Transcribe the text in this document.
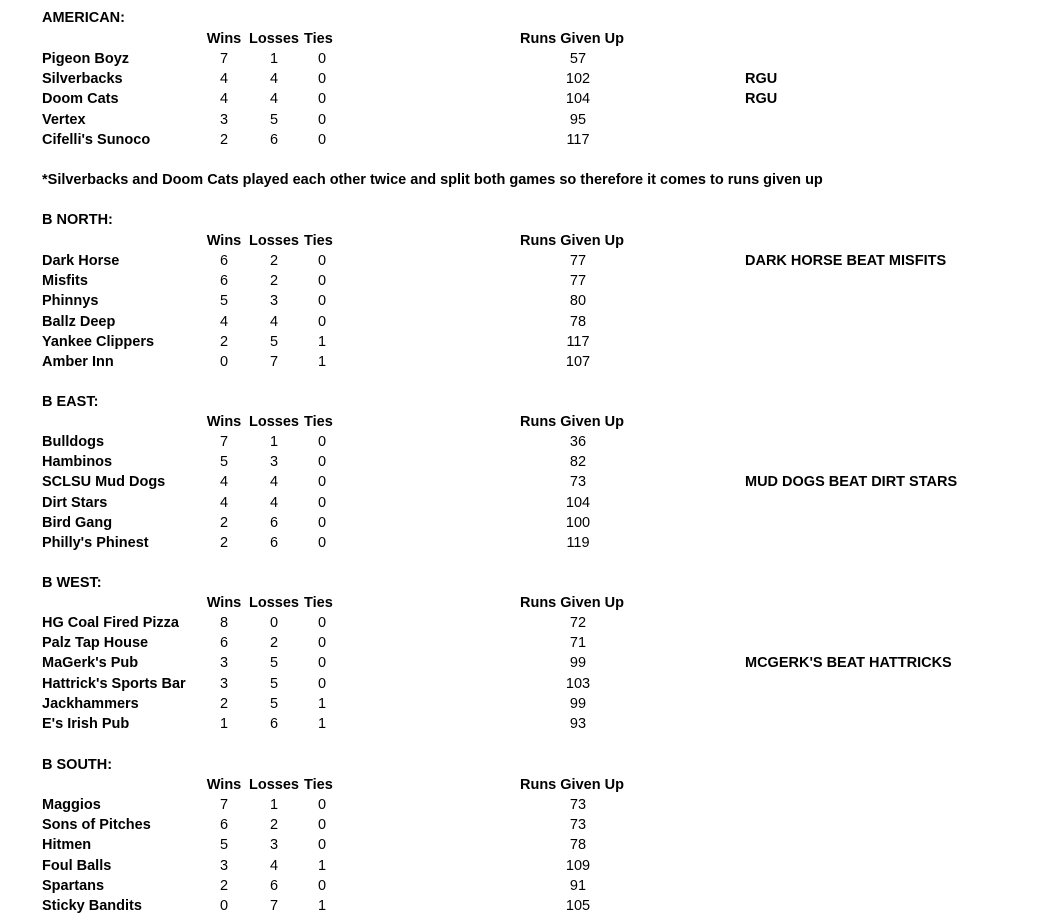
AMERICAN:
Wins Losses Ties	Runs Given Up
Pigeon Boyz	7	1	0	57
Silverbacks	4	4	0	102	RGU
Doom Cats	4	4	0	104	RGU
Vertex	3	5	0	95
Cifelli's Sunoco	2	6	0	117
*Silverbacks and Doom Cats played each other twice and split both games so therefore it comes to runs given up
B NORTH:
Wins Losses Ties	Runs Given Up
Dark Horse	6	2	0	77	DARK HORSE BEAT MISFITS
Misfits	6	2	0	77
Phinnys	5	3	0	80
Ballz Deep	4	4	0	78
Yankee Clippers	2	5	1	117
Amber Inn	0	7	1	107
B EAST:
Wins Losses Ties	Runs Given Up
Bulldogs	7	1	0	36
Hambinos	5	3	0	82
SCLSU Mud Dogs	4	4	0	73	MUD DOGS BEAT DIRT STARS
Dirt Stars	4	4	0	104
Bird Gang	2	6	0	100
Philly's Phinest	2	6	0	119
B WEST:
Wins Losses Ties	Runs Given Up
HG Coal Fired Pizza	8	0	0	72
Palz Tap House	6	2	0	71
MaGerk's Pub	3	5	0	99	MCGERK'S BEAT HATTRICKS
Hattrick's Sports Bar	3	5	0	103
Jackhammers	2	5	1	99
E's Irish Pub	1	6	1	93
B SOUTH:
Wins Losses Ties	Runs Given Up
Maggios	7	1	0	73
Sons of Pitches	6	2	0	73
Hitmen	5	3	0	78
Foul Balls	3	4	1	109
Spartans	2	6	0	91
Sticky Bandits	0	7	1	105
